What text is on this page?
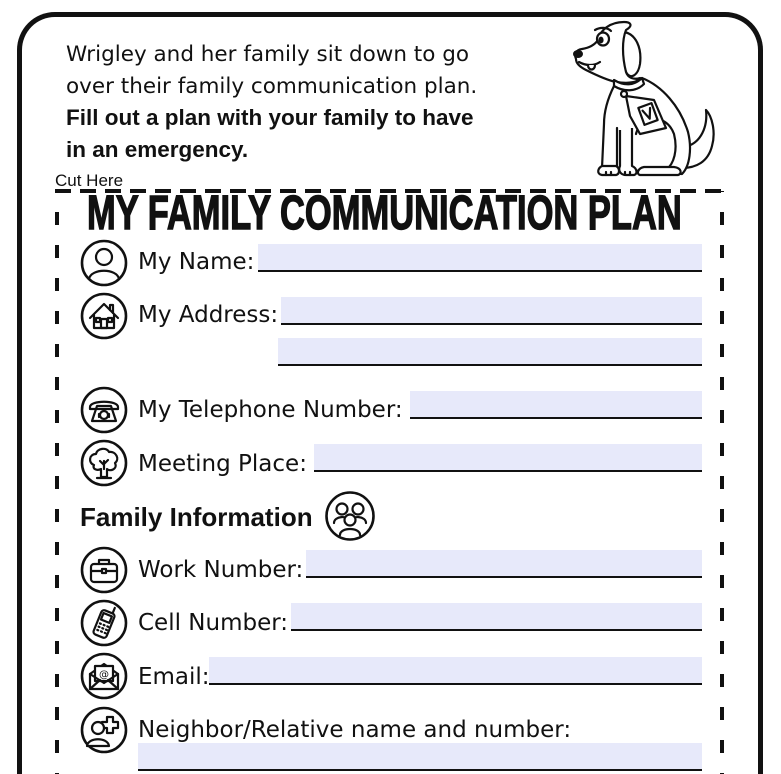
Wrigley and her family sit down to go
over their family communication plan.
Fill out a plan with your family to have
in an emergency.
Cut Here
MY FAMILY COMMUNICATION PLAN
My Name:
My Address:
My Telephone Number:
Meeting Place:
Family Information
Work Number:
Cell Number:
@ Email:
Neighbor/Relative name and number:
